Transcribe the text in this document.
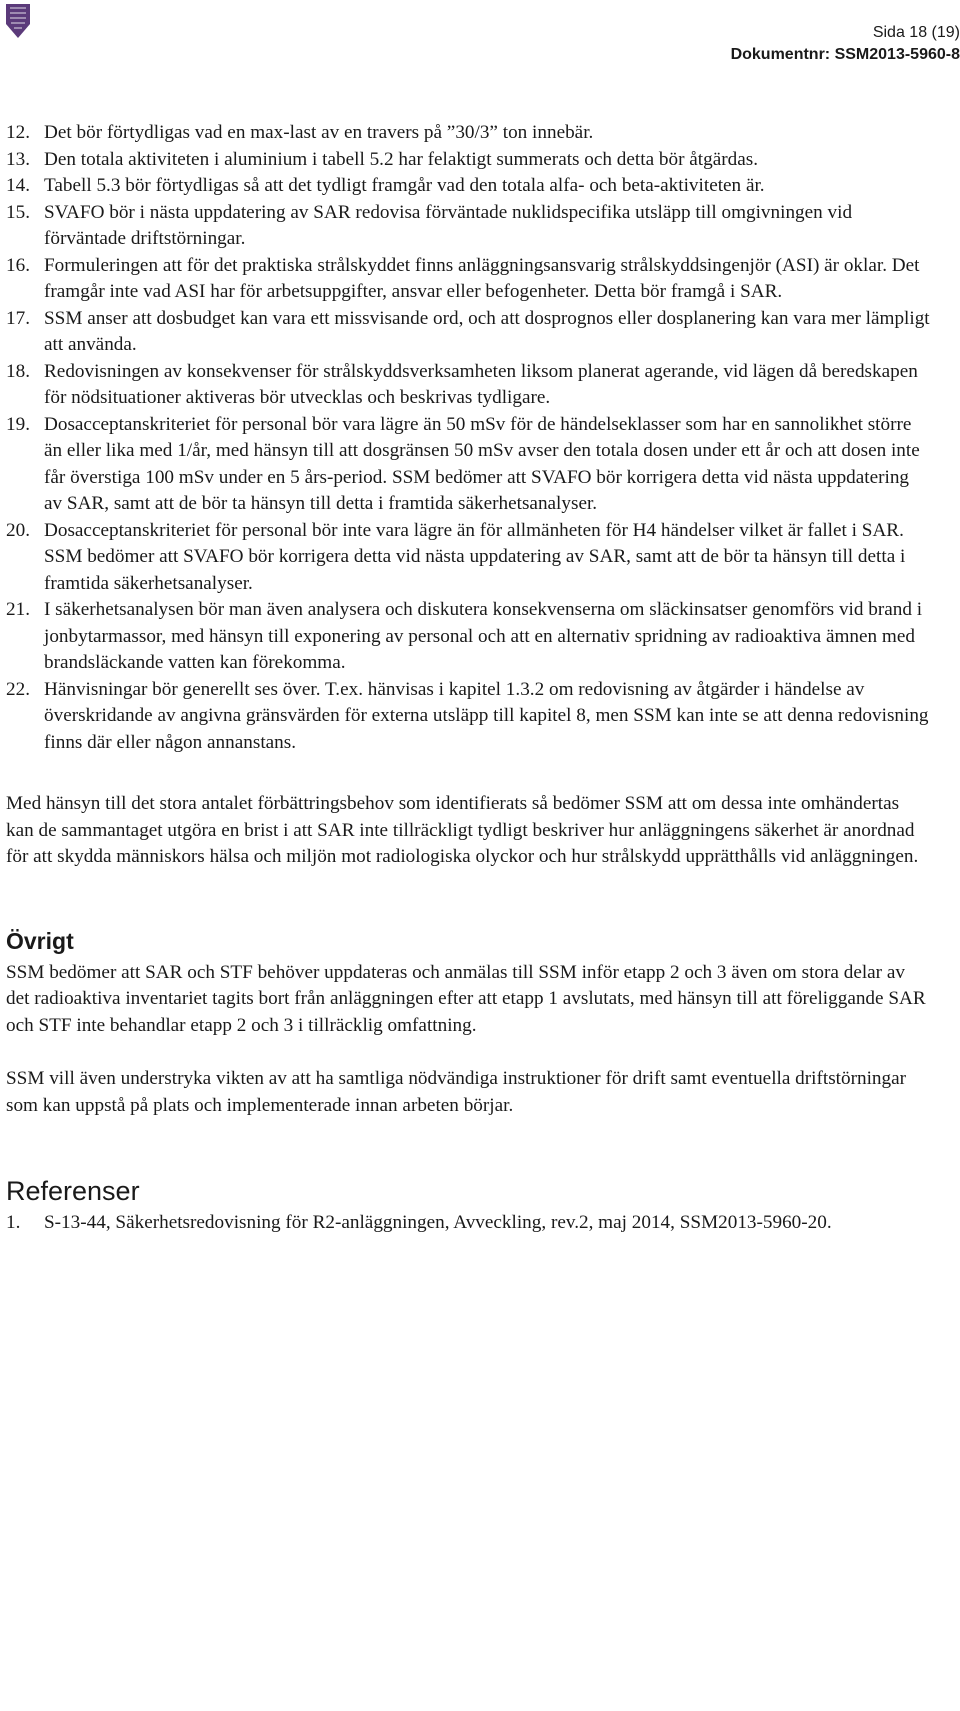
Sida 18 (19)
Dokumentnr: SSM2013-5960-8
12. Det bör förtydligas vad en max-last av en travers på ”30/3” ton innebär.
13. Den totala aktiviteten i aluminium i tabell 5.2 har felaktigt summerats och detta bör åtgärdas.
14. Tabell 5.3 bör förtydligas så att det tydligt framgår vad den totala alfa- och beta-aktiviteten är.
15. SVAFO bör i nästa uppdatering av SAR redovisa förväntade nuklidspecifika utsläpp till omgivningen vid förväntade driftstörningar.
16. Formuleringen att för det praktiska strålskyddet finns anläggningsansvarig strålskyddsingenjör (ASI) är oklar. Det framgår inte vad ASI har för arbetsuppgifter, ansvar eller befogenheter. Detta bör framgå i SAR.
17. SSM anser att dosbudget kan vara ett missvisande ord, och att dosprognos eller dosplanering kan vara mer lämpligt att använda.
18. Redovisningen av konsekvenser för strålskyddsverksamheten liksom planerat agerande, vid lägen då beredskapen för nödsituationer aktiveras bör utvecklas och beskrivas tydligare.
19. Dosacceptanskriteriet för personal bör vara lägre än 50 mSv för de händelseklasser som har en sannolikhet större än eller lika med 1/år, med hänsyn till att dosgränsen 50 mSv avser den totala dosen under ett år och att dosen inte får överstiga 100 mSv under en 5 års-period. SSM bedömer att SVAFO bör korrigera detta vid nästa uppdatering av SAR, samt att de bör ta hänsyn till detta i framtida säkerhetsanalyser.
20. Dosacceptanskriteriet för personal bör inte vara lägre än för allmänheten för H4 händelser vilket är fallet i SAR. SSM bedömer att SVAFO bör korrigera detta vid nästa uppdatering av SAR, samt att de bör ta hänsyn till detta i framtida säkerhetsanalyser.
21. I säkerhetsanalysen bör man även analysera och diskutera konsekvenserna om släckinsatser genomförs vid brand i jonbytarmassor, med hänsyn till exponering av personal och att en alternativ spridning av radioaktiva ämnen med brandsläckande vatten kan förekomma.
22. Hänvisningar bör generellt ses över. T.ex. hänvisas i kapitel 1.3.2 om redovisning av åtgärder i händelse av överskridande av angivna gränsvärden för externa utsläpp till kapitel 8, men SSM kan inte se att denna redovisning finns där eller någon annanstans.

Med hänsyn till det stora antalet förbättringsbehov som identifierats så bedömer SSM att om dessa inte omhändertas kan de sammantaget utgöra en brist i att SAR inte tillräckligt tydligt beskriver hur anläggningens säkerhet är anordnad för att skydda människors hälsa och miljön mot radiologiska olyckor och hur strålskydd upprätthålls vid anläggningen.

Övrigt

SSM bedömer att SAR och STF behöver uppdateras och anmälas till SSM inför etapp 2 och 3 även om stora delar av det radioaktiva inventariet tagits bort från anläggningen efter att etapp 1 avslutats, med hänsyn till att föreliggande SAR och STF inte behandlar etapp 2 och 3 i tillräcklig omfattning.

SSM vill även understryka vikten av att ha samtliga nödvändiga instruktioner för drift samt eventuella driftstörningar som kan uppstå på plats och implementerade innan arbeten börjar.

Referenser
1.	S-13-44, Säkerhetsredovisning för R2-anläggningen, Avveckling, rev.2, maj 2014, SSM2013-5960-20.
